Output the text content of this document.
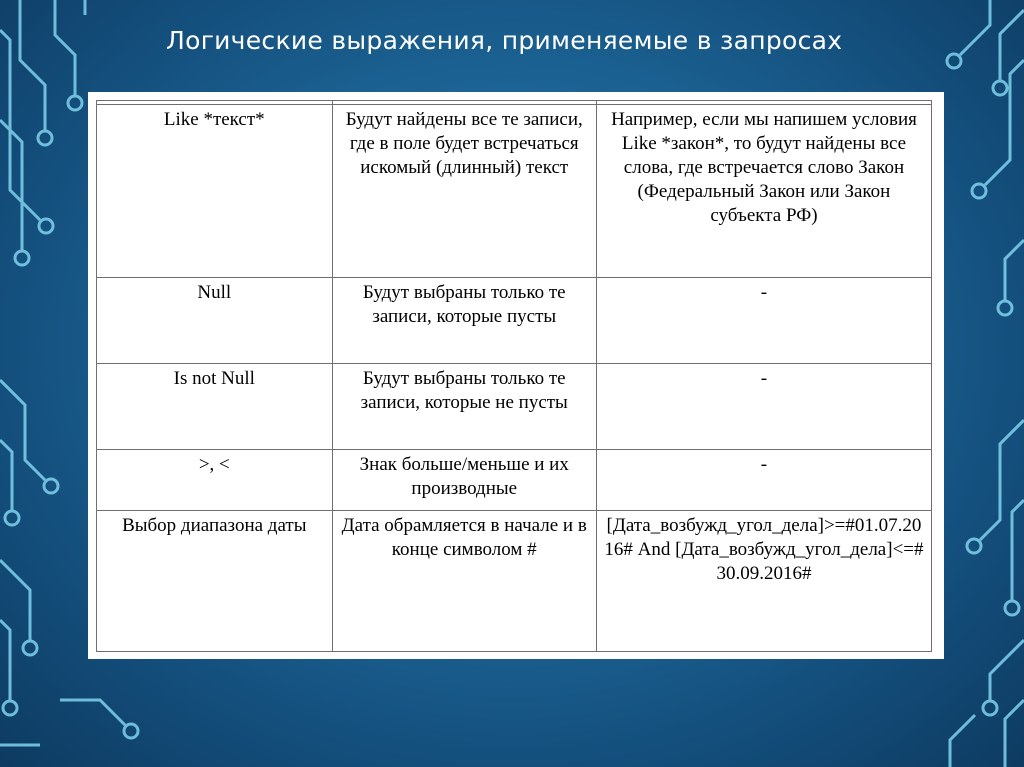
Логические выражения, применяемые в запросах

Like *текст*	Будут найдены все те записи, где в поле будет встречаться искомый (длинный) текст	Например, если мы напишем условия Like *закон*, то будут найдены все слова, где встречается слово Закон (Федеральный Закон или Закон субъекта РФ)
Null	Будут выбраны только те записи, которые пусты	-
Is not Null	Будут выбраны только те записи, которые не пусты	-
>, <	Знак больше/меньше и их производные	-
Выбор диапазона даты	Дата обрамляется в начале и в конце символом #	[Дата_возбужд_угол_дела]>=#01.07.2016# And [Дата_возбужд_угол_дела]<=#30.09.2016#
